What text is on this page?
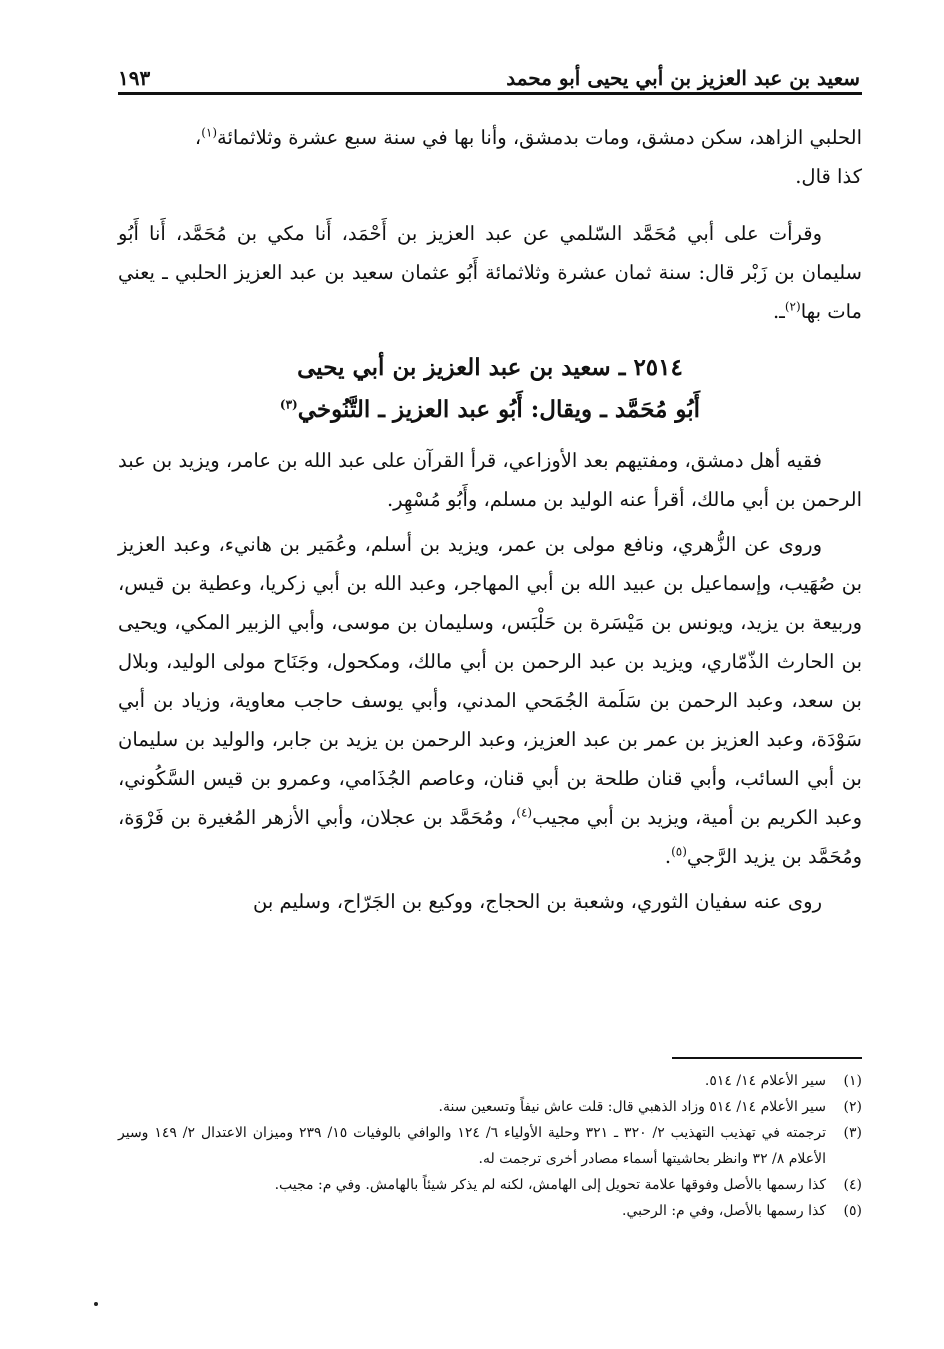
سعيد بن عبد العزيز بن أبي يحيى أبو محمد
١٩٣

الحلبي الزاهد، سكن دمشق، ومات بدمشق، وأنا بها في سنة سبع عشرة وثلاثمائة$^{(١)}$،
كذا قال.

وقرأت على أبي مُحَمَّد السّلمي عن عبد العزيز بن أَحْمَد، أَنا مكي بن مُحَمَّد، أَنا أَبُو سليمان بن زَبْر قال: سنة ثمان عشرة وثلاثمائة أَبُو عثمان سعيد بن عبد العزيز الحلبي ـ يعني مات بها$^{(٢)}$ـ.

٢٥١٤ ـ سعيد بن عبد العزيز بن أبي يحيى
أَبُو مُحَمَّد ـ ويقال: أَبُو عبد العزيز ـ التَّنُوخي$^{(٣)}$

فقيه أهل دمشق، ومفتيهم بعد الأوزاعي، قرأ القرآن على عبد الله بن عامر، ويزيد بن عبد الرحمن بن أبي مالك، أقرأ عنه الوليد بن مسلم، وأَبُو مُسْهِر.

وروى عن الزُّهري، ونافع مولى بن عمر، ويزيد بن أسلم، وعُمَير بن هانيء، وعبد العزيز بن صُهَيب، وإسماعيل بن عبيد الله بن أبي المهاجر، وعبد الله بن أبي زكريا، وعطية بن قيس، وربيعة بن يزيد، ويونس بن مَيْسَرة بن حَلْبَس، وسليمان بن موسى، وأبي الزبير المكي، ويحيى بن الحارث الذّمّاري، ويزيد بن عبد الرحمن بن أبي مالك، ومكحول، وجَنَاح مولى الوليد، وبلال بن سعد، وعبد الرحمن بن سَلَمة الجُمَحي المدني، وأبي يوسف حاجب معاوية، وزياد بن أبي سَوْدَة، وعبد العزيز بن عمر بن عبد العزيز، وعبد الرحمن بن يزيد بن جابر، والوليد بن سليمان بن أبي السائب، وأبي قنان طلحة بن أبي قنان، وعاصم الجُذَامي، وعمرو بن قيس السَّكُوني، وعبد الكريم بن أمية، ويزيد بن أبي مجيب$^{(٤)}$، ومُحَمَّد بن عجلان، وأبي الأزهر المُغيرة بن فَرْوَة، ومُحَمَّد بن يزيد الرَّجي$^{(٥)}$.

روى عنه سفيان الثوري، وشعبة بن الحجاج، ووكيع بن الجَرّاح، وسليم بن

(١)
سير الأعلام ١٤/ ٥١٤.
(٢)
سير الأعلام ١٤/ ٥١٤ وزاد الذهبي قال: قلت عاش نيفاً وتسعين سنة.
(٣)
ترجمته في تهذيب التهذيب ٢/ ٣٢٠ ـ ٣٢١ وحلية الأولياء ٦/ ١٢٤ والوافي بالوفيات ١٥/ ٢٣٩ وميزان الاعتدال ٢/ ١٤٩ وسير الأعلام ٨/ ٣٢ وانظر بحاشيتها أسماء مصادر أخرى ترجمت له.
(٤)
كذا رسمها بالأصل وفوقها علامة تحويل إلى الهامش، لكنه لم يذكر شيئاً بالهامش. وفي م: مجيب.
(٥)
كذا رسمها بالأصل، وفي م: الرحبي.
